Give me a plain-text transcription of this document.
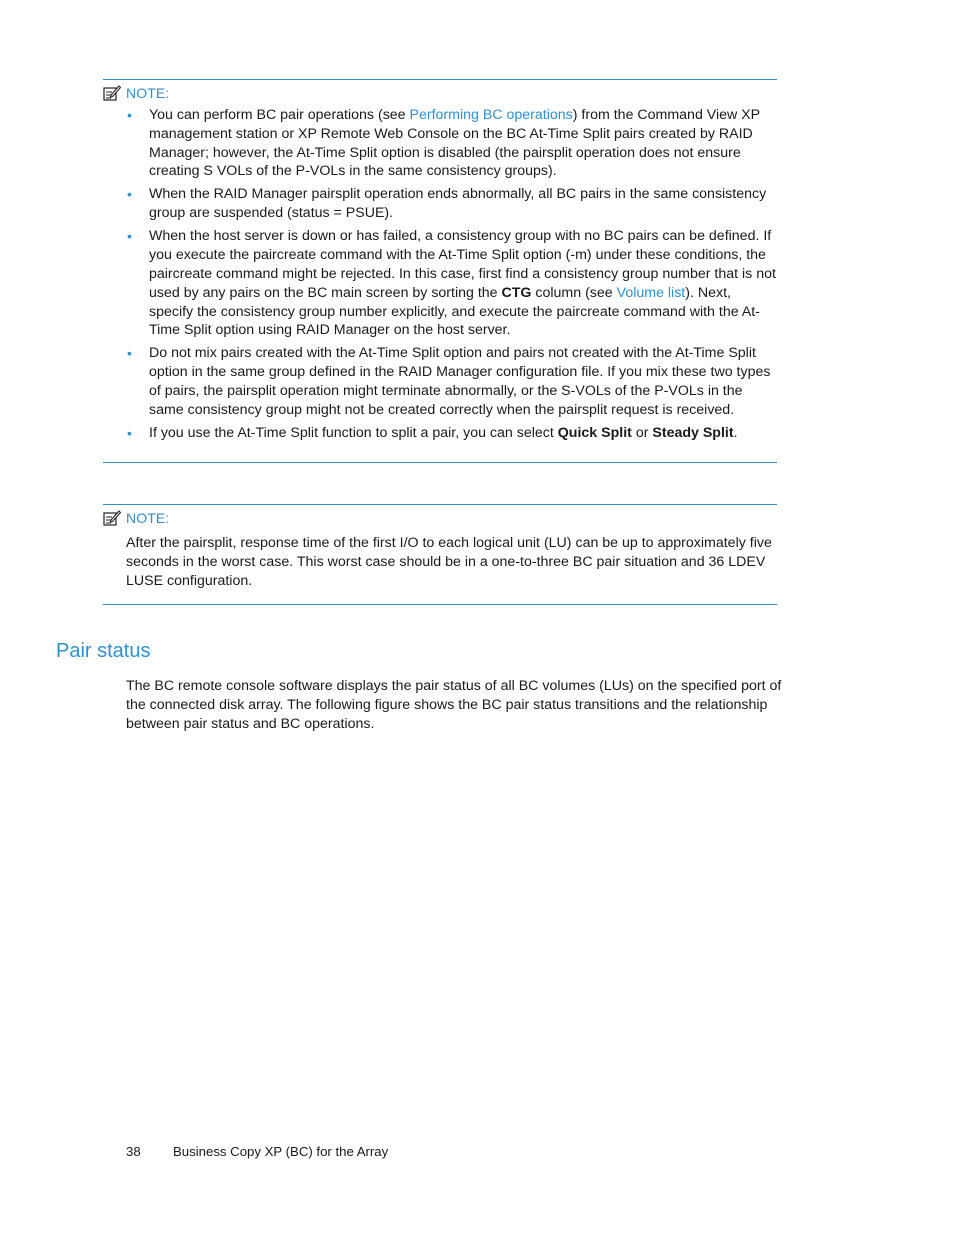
NOTE:
• You can perform BC pair operations (see Performing BC operations) from the Command View XP management station or XP Remote Web Console on the BC At-Time Split pairs created by RAID Manager; however, the At-Time Split option is disabled (the pairsplit operation does not ensure creating S VOLs of the P-VOLs in the same consistency groups).
• When the RAID Manager pairsplit operation ends abnormally, all BC pairs in the same consistency group are suspended (status = PSUE).
• When the host server is down or has failed, a consistency group with no BC pairs can be defined. If you execute the paircreate command with the At-Time Split option (-m) under these conditions, the paircreate command might be rejected. In this case, first find a consistency group number that is not used by any pairs on the BC main screen by sorting the CTG column (see Volume list). Next, specify the consistency group number explicitly, and execute the paircreate command with the At-Time Split option using RAID Manager on the host server.
• Do not mix pairs created with the At-Time Split option and pairs not created with the At-Time Split option in the same group defined in the RAID Manager configuration file. If you mix these two types of pairs, the pairsplit operation might terminate abnormally, or the S-VOLs of the P-VOLs in the same consistency group might not be created correctly when the pairsplit request is received.
• If you use the At-Time Split function to split a pair, you can select Quick Split or Steady Split.
NOTE:
After the pairsplit, response time of the first I/O to each logical unit (LU) can be up to approximately five seconds in the worst case. This worst case should be in a one-to-three BC pair situation and 36 LDEV LUSE configuration.
Pair status

The BC remote console software displays the pair status of all BC volumes (LUs) on the specified port of the connected disk array. The following figure shows the BC pair status transitions and the relationship between pair status and BC operations.

38	Business Copy XP (BC) for the Array
